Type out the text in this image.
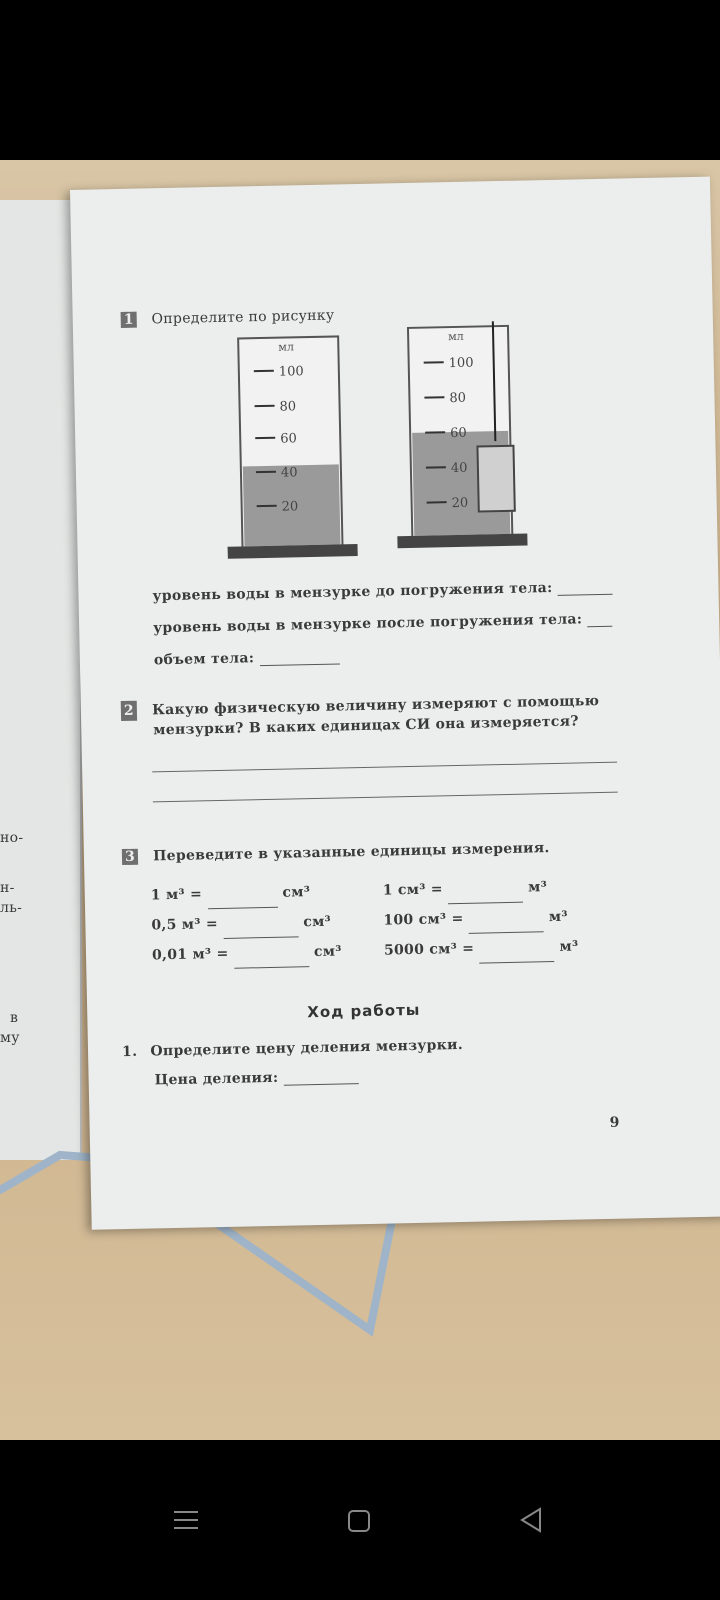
но-
н-
ль-
в
му
1 Определите по рисунку
мл
100
80
60
40
20
мл
100
80
60
40
20
уровень воды в мензурке до погружения тела:
уровень воды в мензурке после погружения тела:
объем тела:
2 Какую физическую величину измеряют с помощью
мензурки? В каких единицах СИ она измеряется?
3 Переведите в указанные единицы измерения.
1 м³ =	см³
0,5 м³ =	см³
0,01 м³ =	см³
1 см³ =	м³
100 см³ =	м³
5000 см³ =	м³
Ход работы
1. Определите цену деления мензурки.
Цена деления:
9
